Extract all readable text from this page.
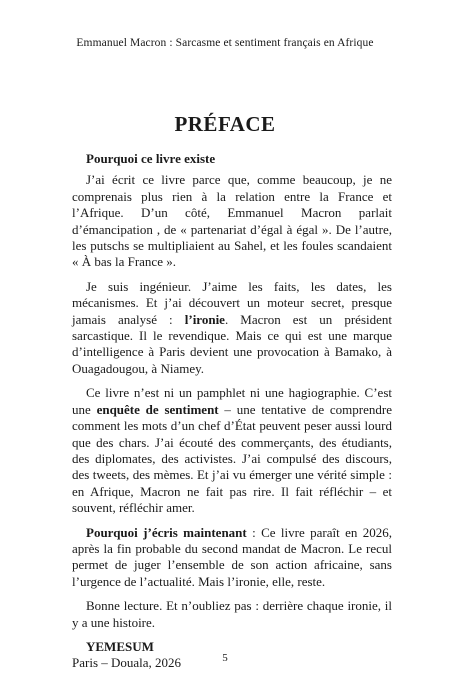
Emmanuel Macron : Sarcasme et sentiment français en Afrique
PRÉFACE
Pourquoi ce livre existe

J’ai écrit ce livre parce que, comme beaucoup, je ne comprenais plus rien à la relation entre la France et l’Afrique. D’un côté, Emmanuel Macron parlait d’émancipation , de « partenariat d’égal à égal ». De l’autre, les putschs se multipliaient au Sahel, et les foules scandaient « À bas la France ».

Je suis ingénieur. J’aime les faits, les dates, les mécanismes. Et j’ai découvert un moteur secret, presque jamais analysé : l’ironie. Macron est un président sarcastique. Il le revendique. Mais ce qui est une marque d’intelligence à Paris devient une provocation à Bamako, à Ouagadougou, à Niamey.

Ce livre n’est ni un pamphlet ni une hagiographie. C’est une enquête de sentiment – une tentative de comprendre comment les mots d’un chef d’État peuvent peser aussi lourd que des chars. J’ai écouté des commerçants, des étudiants, des diplomates, des activistes. J’ai compulsé des discours, des tweets, des mèmes. Et j’ai vu émerger une vérité simple : en Afrique, Macron ne fait pas rire. Il fait réfléchir – et souvent, réfléchir amer.

Pourquoi j’écris maintenant : Ce livre paraît en 2026, après la fin probable du second mandat de Macron. Le recul permet de juger l’ensemble de son action africaine, sans l’urgence de l’actualité. Mais l’ironie, elle, reste.

Bonne lecture. Et n’oubliez pas : derrière chaque ironie, il y a une histoire.

YEMESUM
Paris – Douala, 2026	5
